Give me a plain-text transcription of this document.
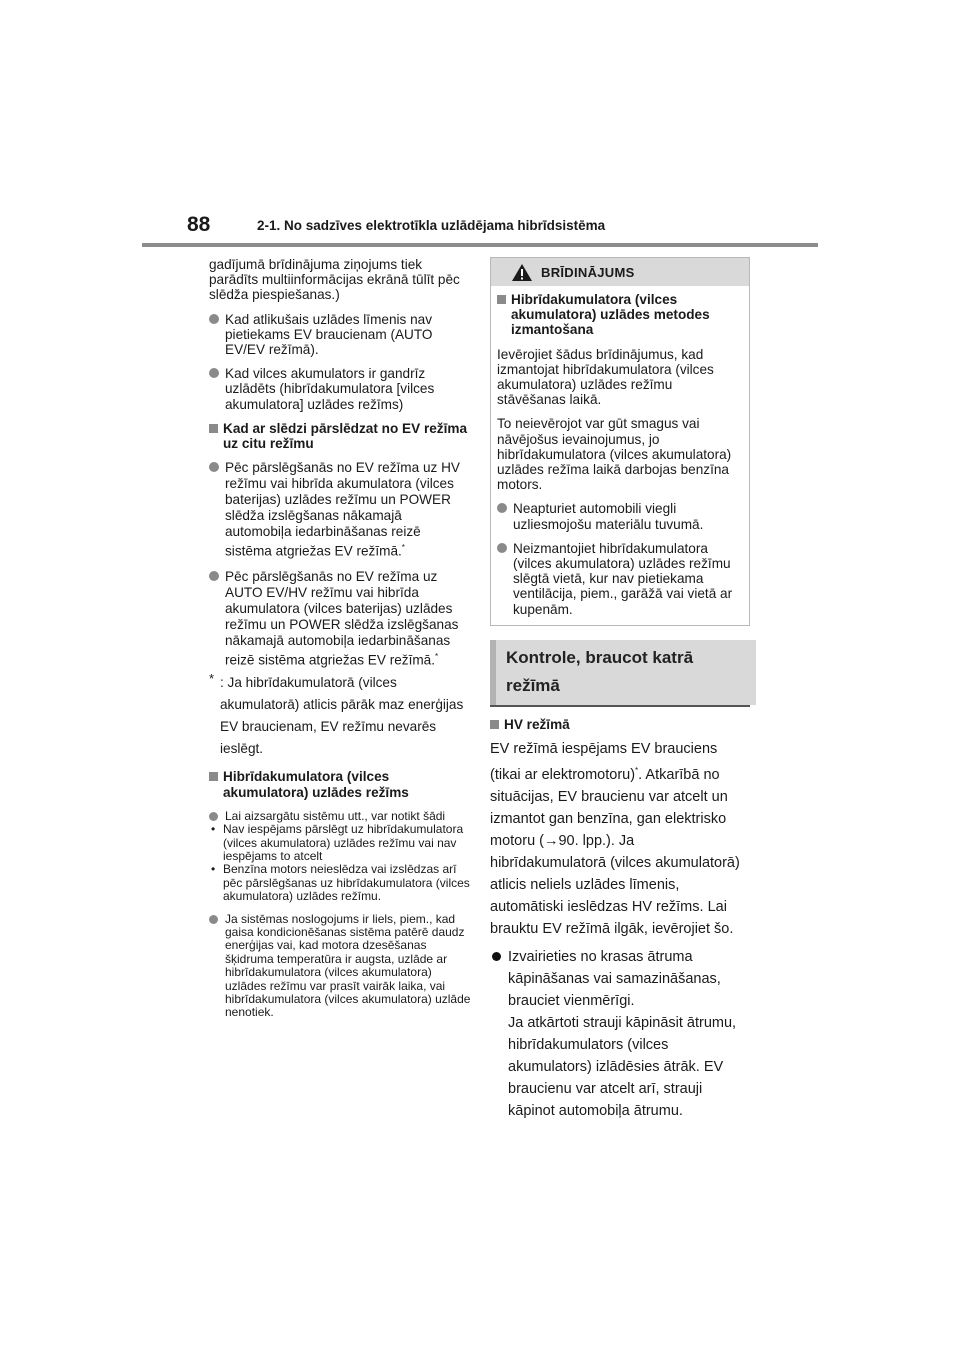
88	2-1. No sadzīves elektrotīkla uzlādējama hibrīdsistēma

gadījumā brīdinājuma ziņojums tiek parādīts multiinformācijas ekrānā tūlīt pēc slēdža piespiešanas.)

Kad atlikušais uzlādes līmenis nav pietiekams EV braucienam (AUTO EV/EV režīmā).
Kad vilces akumulators ir gandrīz uzlādēts (hibrīdakumulatora [vilces akumulatora] uzlādes režīms)
Kad ar slēdzi pārslēdzat no EV režīma uz citu režīmu
Pēc pārslēgšanās no EV režīma uz HV režīmu vai hibrīda akumulatora (vilces baterijas) uzlādes režīmu un POWER slēdža izslēgšanas nākamajā automobiļa iedarbināšanas reizē sistēma atgriežas EV režīmā.*
Pēc pārslēgšanās no EV režīma uz AUTO EV/HV režīmu vai hibrīda akumulatora (vilces baterijas) uzlādes režīmu un POWER slēdža izslēgšanas nākamajā automobiļa iedarbināšanas reizē sistēma atgriežas EV režīmā.*
* : Ja hibrīdakumulatorā (vilces akumulatorā) atlicis pārāk maz enerģijas EV braucienam, EV režīmu nevarēs ieslēgt.
Hibrīdakumulatora (vilces akumulatora) uzlādes režīms
Lai aizsargātu sistēmu utt., var notikt šādi
• Nav iespējams pārslēgt uz hibrīdakumulatora (vilces akumulatora) uzlādes režīmu vai nav iespējams to atcelt
• Benzīna motors neieslēdza vai izslēdzas arī pēc pārslēgšanas uz hibrīdakumulatora (vilces akumulatora) uzlādes režīmu.
Ja sistēmas noslogojums ir liels, piem., kad gaisa kondicionēšanas sistēma patērē daudz enerģijas vai, kad motora dzesēšanas šķidruma temperatūra ir augsta, uzlāde ar hibrīdakumulatora (vilces akumulatora) uzlādes režīmu var prasīt vairāk laika, vai hibrīdakumulatora (vilces akumulatora) uzlāde nenotiek.
BRĪDINĀJUMS
Hibrīdakumulatora (vilces akumulatora) uzlādes metodes izmantošana

Ievērojiet šādus brīdinājumus, kad izmantojat hibrīdakumulatora (vilces akumulatora) uzlādes režīmu stāvēšanas laikā.

To neievērojot var gūt smagus vai nāvējošus ievainojumus, jo hibrīdakumulatora (vilces akumulatora) uzlādes režīma laikā darbojas benzīna motors.

Neapturiet automobili viegli uzliesmojošu materiālu tuvumā.
Neizmantojiet hibrīdakumulatora (vilces akumulatora) uzlādes režīmu slēgtā vietā, kur nav pietiekama ventilācija, piem., garāžā vai vietā ar kupenām.
Kontrole, braucot katrā režīmā
HV režīmā

EV režīmā iespējams EV brauciens (tikai ar elektromotoru)*. Atkarībā no situācijas, EV braucienu var atcelt un izmantot gan benzīna, gan elektrisko motoru (→90. lpp.). Ja hibrīdakumulatorā (vilces akumulatorā) atlicis neliels uzlādes līmenis, automātiski ieslēdzas HV režīms. Lai brauktu EV režīmā ilgāk, ievērojiet šo.

Izvairieties no krasas ātruma kāpināšanas vai samazināšanas, brauciet vienmērīgi.
Ja atkārtoti strauji kāpināsit ātrumu, hibrīdakumulators (vilces akumulators) izlādēsies ātrāk. EV braucienu var atcelt arī, strauji kāpinot automobiļa ātrumu.
